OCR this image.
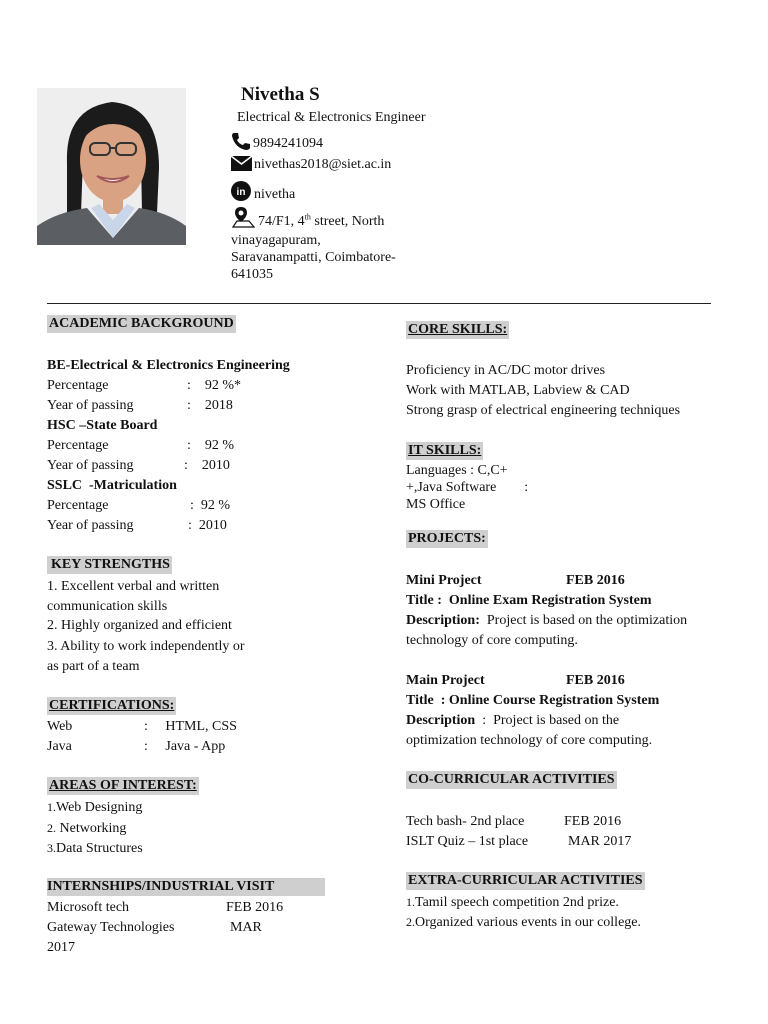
Nivetha S
Electrical & Electronics Engineer
9894241094
nivethas2018@siet.ac.in
in nivetha
74/F1, 4th street, North
vinayagapuram,
Saravanampatti, Coimbatore-
641035
ACADEMIC BACKGROUND
BE-Electrical & Electronics Engineering
Percentage	:    92 %*
Year of passing	:    2018
HSC –State Board
Percentage	:    92 %
Year of passing	:    2010
SSLC  -Matriculation
Percentage	:  92 %
Year of passing	:  2010
KEY STRENGTHS
1. Excellent verbal and written
communication skills
2. Highly organized and efficient
3. Ability to work independently or
as part of a team
CERTIFICATIONS:
Web	:     HTML, CSS
Java	:     Java - App
AREAS OF INTEREST:
1.Web Designing
2. Networking
3.Data Structures
INTERNSHIPS/INDUSTRIAL VISIT
Microsoft tech	FEB 2016
Gateway Technologies	MAR
2017
CORE SKILLS:
Proficiency in AC/DC motor drives
Work with MATLAB, Labview & CAD
Strong grasp of electrical engineering techniques
IT SKILLS:
Languages : C,C+
+,Java Software        :
MS Office
PROJECTS:
Mini Project	FEB 2016
Title :  Online Exam Registration System
Description:  Project is based on the optimization
technology of core computing.
Main Project	FEB 2016
Title  : Online Course Registration System
Description  :  Project is based on the
optimization technology of core computing.
CO-CURRICULAR ACTIVITIES
Tech bash- 2nd place	FEB 2016
ISLT Quiz – 1st place	MAR 2017
EXTRA-CURRICULAR ACTIVITIES
1.Tamil speech competition 2nd prize.
2.Organized various events in our college.
